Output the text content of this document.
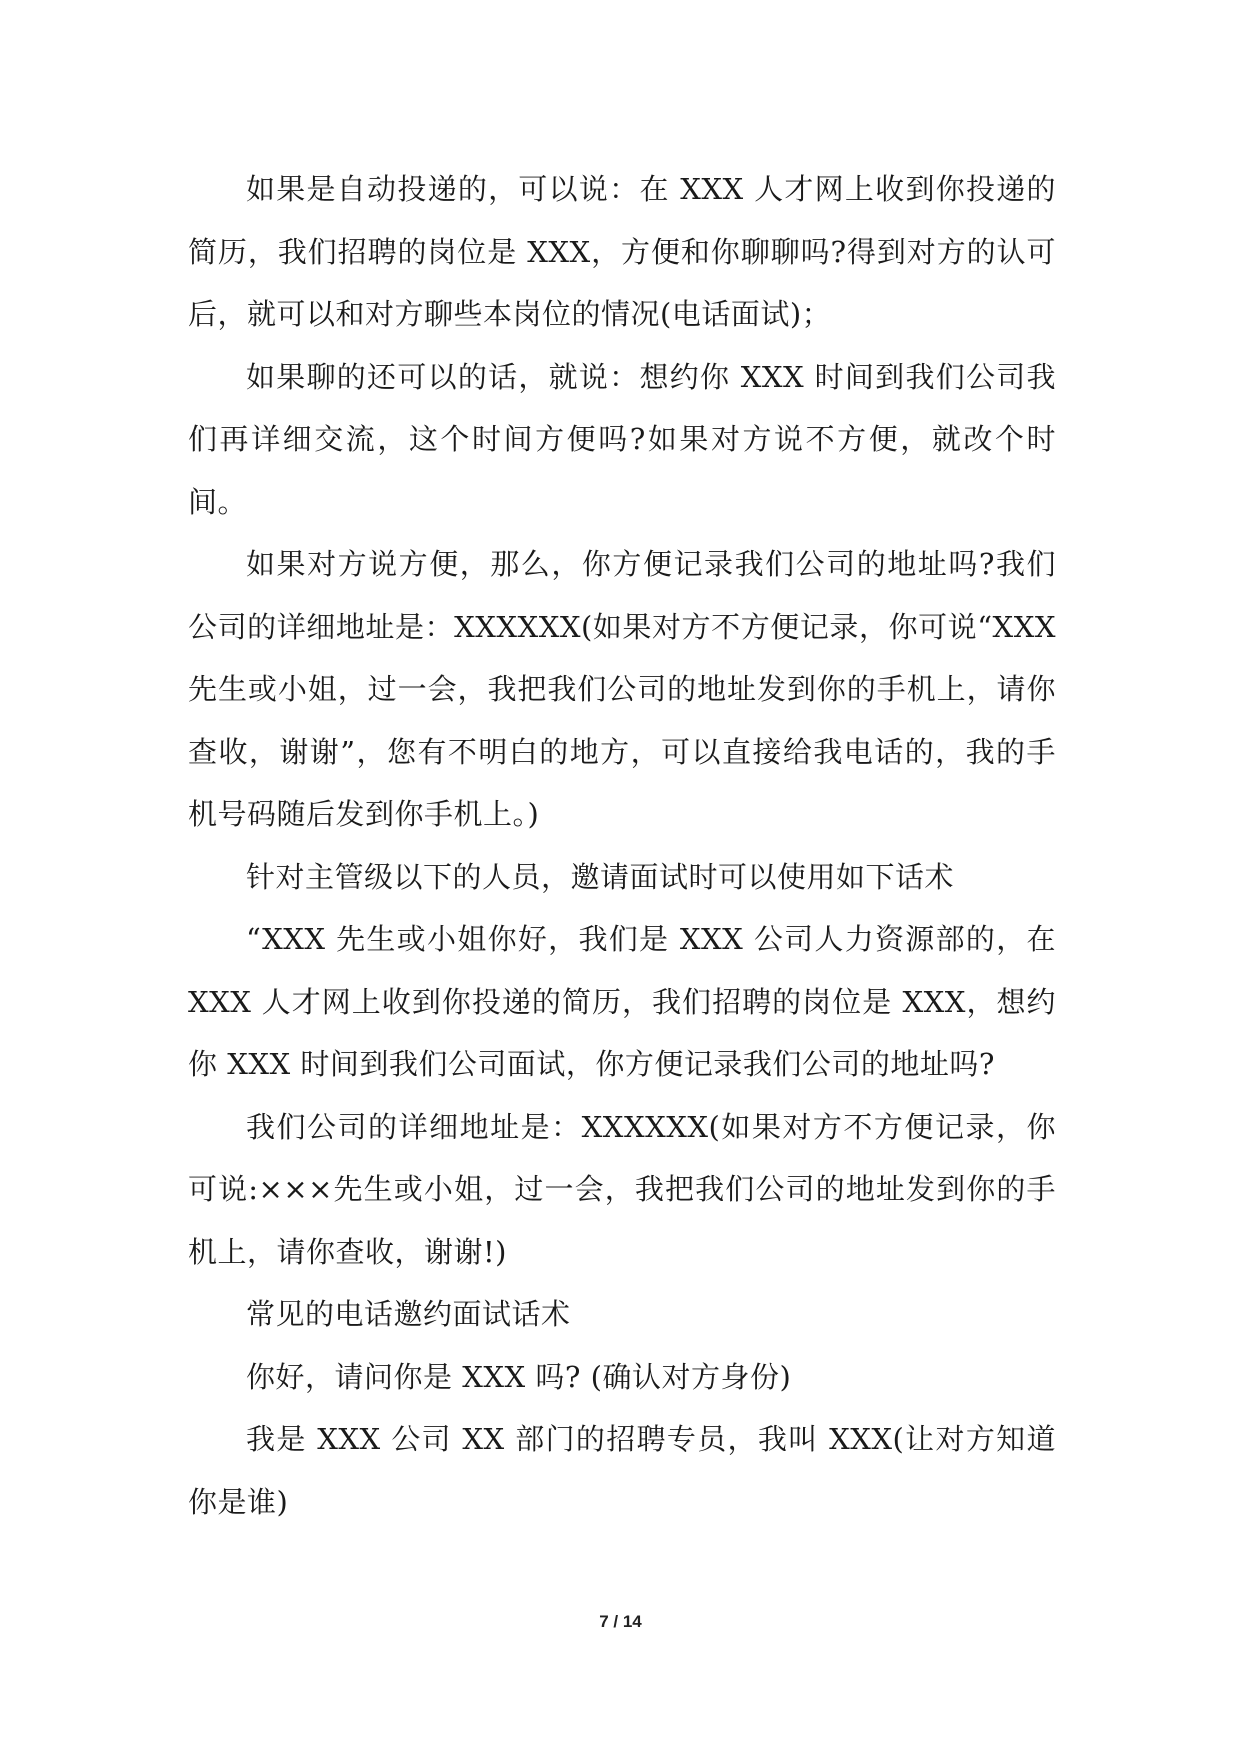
如果是自动投递的，可以说：在 XXX 人才网上收到你投递的简历，我们招聘的岗位是 XXX，方便和你聊聊吗?得到对方的认可后，就可以和对方聊些本岗位的情况(电话面试)；

如果聊的还可以的话，就说：想约你 XXX 时间到我们公司我们再详细交流，这个时间方便吗?如果对方说不方便，就改个时间。

如果对方说方便，那么，你方便记录我们公司的地址吗?我们公司的详细地址是：XXXXXX(如果对方不方便记录，你可说“XXX 先生或小姐，过一会，我把我们公司的地址发到你的手机上，请你查收，谢谢”，您有不明白的地方，可以直接给我电话的，我的手机号码随后发到你手机上。)

针对主管级以下的人员，邀请面试时可以使用如下话术

“XXX 先生或小姐你好，我们是 XXX 公司人力资源部的，在 XXX 人才网上收到你投递的简历，我们招聘的岗位是 XXX，想约你 XXX 时间到我们公司面试，你方便记录我们公司的地址吗?

我们公司的详细地址是：XXXXXX(如果对方不方便记录，你可说:×××先生或小姐，过一会，我把我们公司的地址发到你的手机上，请你查收，谢谢!)

常见的电话邀约面试话术

你好，请问你是 XXX 吗? (确认对方身份)

我是 XXX 公司 XX 部门的招聘专员，我叫 XXX(让对方知道你是谁)

7 / 14
